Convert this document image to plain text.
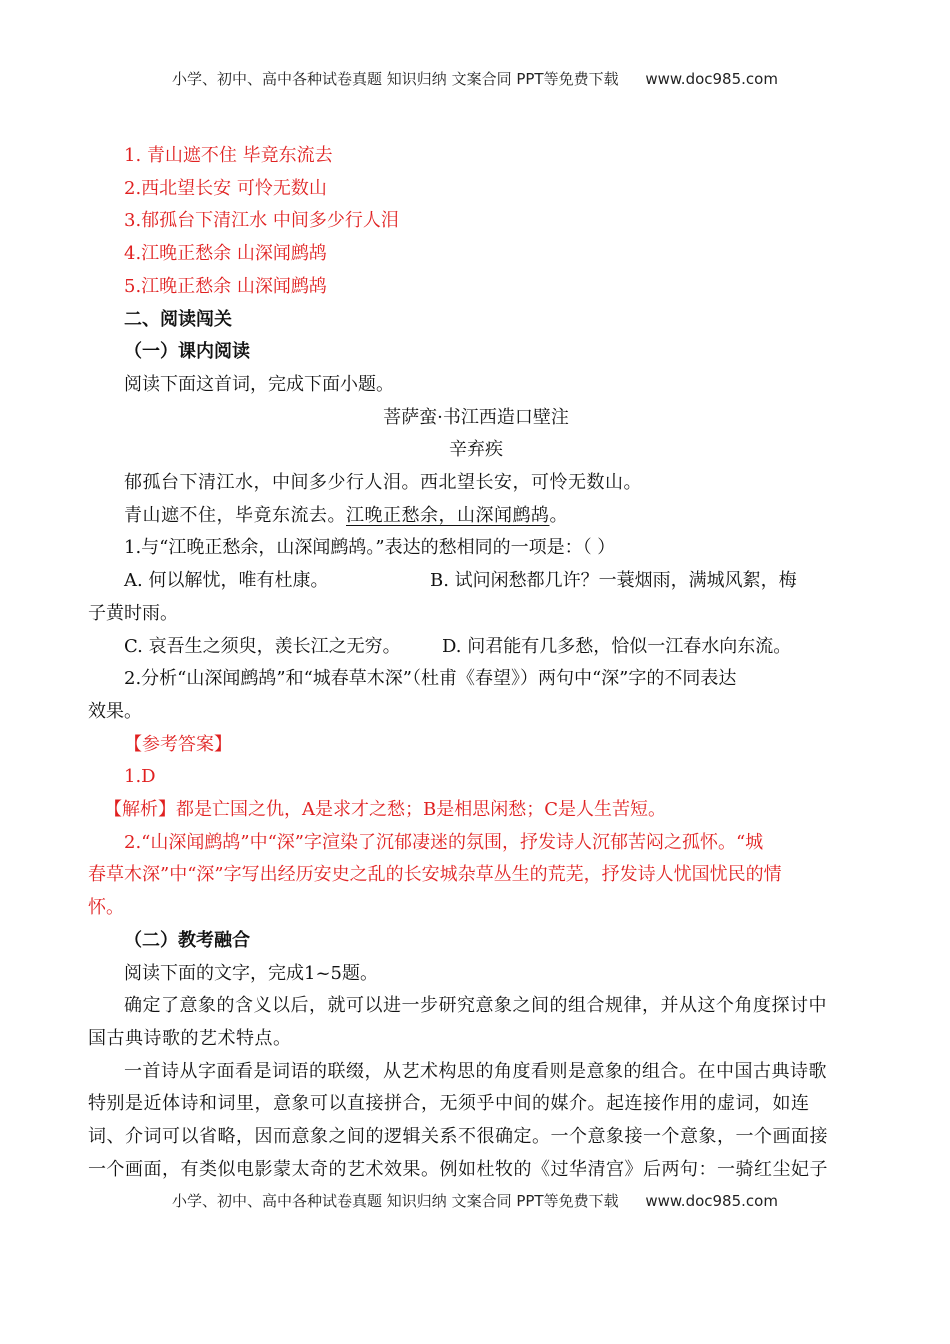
小学、初中、高中各种试卷真题 知识归纳 文案合同 PPT等免费下载 www.doc985.com

1. 青山遮不住 毕竟东流去

2.西北望长安 可怜无数山

3.郁孤台下清江水 中间多少行人泪

4.江晚正愁余 山深闻鹧鸪

5.江晚正愁余 山深闻鹧鸪

二、阅读闯关

（一）课内阅读

阅读下面这首词，完成下面小题。

菩萨蛮·书江西造口壁注

辛弃疾

郁孤台下清江水，中间多少行人泪。西北望长安，可怜无数山。

青山遮不住，毕竟东流去。江晚正愁余，山深闻鹧鸪。

1.与“江晚正愁余，山深闻鹧鸪。”表达的愁相同的一项是：（ ）

A. 何以解忧，唯有杜康。	B. 试问闲愁都几许？一蓑烟雨，满城风絮，梅

子黄时雨。

C. 哀吾生之须臾，羡长江之无穷。 D. 问君能有几多愁，恰似一江春水向东流。

2.分析“山深闻鹧鸪”和“城春草木深”（杜甫《春望》）两句中“深”字的不同表达

效果。

【参考答案】

1.D

【解析】都是亡国之仇，A是求才之愁；B是相思闲愁；C是人生苦短。

2.“山深闻鹧鸪”中“深”字渲染了沉郁凄迷的氛围，抒发诗人沉郁苦闷之孤怀。“城

春草木深”中“深”字写出经历安史之乱的长安城杂草丛生的荒芜，抒发诗人忧国忧民的情

怀。

（二）教考融合

阅读下面的文字，完成1~5题。

确定了意象的含义以后，就可以进一步研究意象之间的组合规律，并从这个角度探讨中

国古典诗歌的艺术特点。

一首诗从字面看是词语的联缀，从艺术构思的角度看则是意象的组合。在中国古典诗歌

特别是近体诗和词里，意象可以直接拼合，无须乎中间的媒介。起连接作用的虚词，如连

词、介词可以省略，因而意象之间的逻辑关系不很确定。一个意象接一个意象，一个画面接

一个画面，有类似电影蒙太奇的艺术效果。例如杜牧的《过华清宫》后两句：一骑红尘妃子

小学、初中、高中各种试卷真题 知识归纳 文案合同 PPT等免费下载 www.doc985.com
